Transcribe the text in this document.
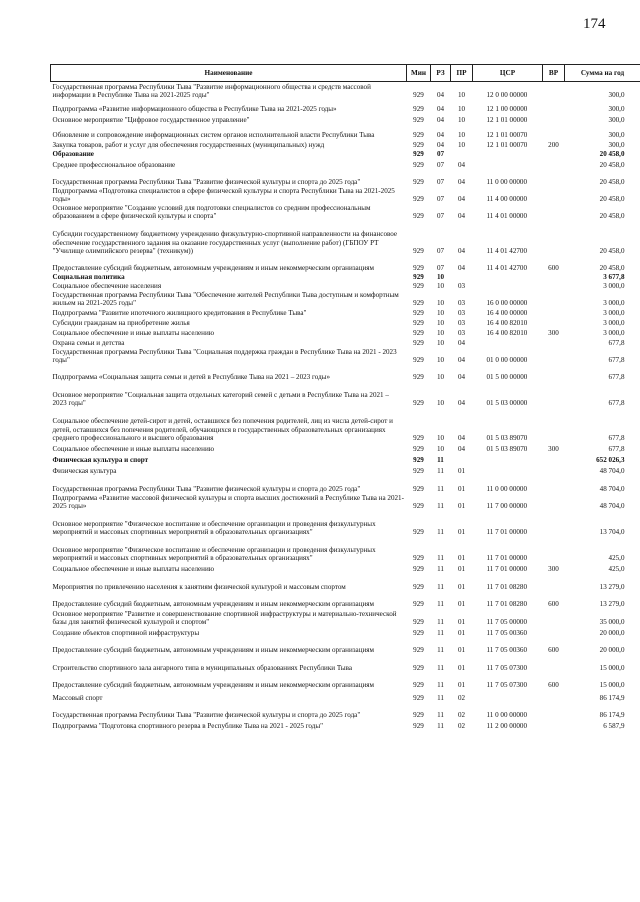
174
Наименование	Мин	РЗ	ПР	ЦСР	ВР	Сумма на год
Государственная программа Республики Тыва "Развитие информационного общества и средств массовой информации в Республике Тыва на 2021-2025 годы"	929	04	10	12 0 00 00000		300,0
Подпрограмма «Развитие информационного общества в Республике Тыва на 2021-2025 годы»	929	04	10	12 1 00 00000		300,0
Основное мероприятие "Цифровое государственное управление"	929	04	10	12 1 01 00000		300,0
Обновление и сопровождение информационных систем органов исполнительной власти Республики Тыва	929	04	10	12 1 01 00070		300,0
Закупка товаров, работ и услуг для обеспечения государственных (муниципальных) нужд	929	04	10	12 1 01 00070	200	300,0
Образование	929	07				20 458,0
Среднее профессиональное образование	929	07	04			20 458,0
Государственная программа Республики Тыва "Развитие физической культуры и спорта до 2025 года"	929	07	04	11 0 00 00000		20 458,0
Подпрограмма «Подготовка специалистов в сфере физической культуры и спорта Республики Тыва на 2021-2025 годы»	929	07	04	11 4 00 00000		20 458,0
Основное мероприятие "Создание условий для подготовки специалистов со средним профессиональным образованием в сфере физической культуры и спорта"	929	07	04	11 4 01 00000		20 458,0
Субсидии государственному бюджетному учреждению физкультурно-спортивной направленности на финансовое обеспечение государственного задания на оказание государственных услуг (выполнение работ) (ГБПОУ РТ "Училище олимпийского резерва" (техникум))	929	07	04	11 4 01 42700		20 458,0
Предоставление субсидий бюджетным, автономным учреждениям и иным некоммерческим организациям	929	07	04	11 4 01 42700	600	20 458,0
Социальная политика	929	10				3 677,8
Социальное обеспечение населения	929	10	03			3 000,0
Государственная программа Республики Тыва "Обеспечение жителей Республики Тыва доступным и комфортным жильем на 2021-2025 годы"	929	10	03	16 0 00 00000		3 000,0
Подпрограмма "Развитие ипотечного жилищного кредитования в Республике Тыва"	929	10	03	16 4 00 00000		3 000,0
Субсидии гражданам на приобретение жилья	929	10	03	16 4 00 82010		3 000,0
Социальное обеспечение и иные выплаты населению	929	10	03	16 4 00 82010	300	3 000,0
Охрана семьи и детства	929	10	04			677,8
Государственная программа Республики Тыва "Социальная поддержка граждан в Республике Тыва на 2021 - 2023 годы"	929	10	04	01 0 00 00000		677,8
Подпрограмма «Социальная защита семьи и детей в Республике Тыва на 2021 – 2023 годы»	929	10	04	01 5 00 00000		677,8
Основное мероприятие "Социальная защита отдельных категорий семей с детьми в Республике Тыва на 2021 – 2023 годы"	929	10	04	01 5 03 00000		677,8
Социальное обеспечение детей-сирот и детей, оставшихся без попечения родителей, лиц из числа детей-сирот и детей, оставшихся без попечения родителей, обучающихся в государственных образовательных организациях среднего профессионального и высшего образования	929	10	04	01 5 03 89070		677,8
Социальное обеспечение и иные выплаты населению	929	10	04	01 5 03 89070	300	677,8
Физическая культура и спорт	929	11				652 026,3
Физическая культура	929	11	01			48 704,0
Государственная программа Республики Тыва "Развитие физической культуры и спорта до 2025 года"	929	11	01	11 0 00 00000		48 704,0
Подпрограмма «Развитие массовой физической культуры и спорта высших достижений в Республике Тыва на 2021-2025 годы»	929	11	01	11 7 00 00000		48 704,0
Основное мероприятие "Физическое воспитание и обеспечение организации и проведения физкультурных мероприятий и массовых спортивных мероприятий в образовательных организациях"	929	11	01	11 7 01 00000		13 704,0
Основное мероприятие "Физическое воспитание и обеспечение организации и проведения физкультурных мероприятий и массовых спортивных мероприятий в образовательных организациях"	929	11	01	11 7 01 00000		425,0
Социальное обеспечение и иные выплаты населению	929	11	01	11 7 01 00000	300	425,0
Мероприятия по привлечению населения к занятиям физической культурой и массовым спортом	929	11	01	11 7 01 08280		13 279,0
Предоставление субсидий бюджетным, автономным учреждениям и иным некоммерческим организациям	929	11	01	11 7 01 08280	600	13 279,0
Основное мероприятие "Развитие и совершенствование спортивной инфраструктуры и материально-технической базы для занятий физической культурой и спортом"	929	11	01	11 7 05 00000		35 000,0
Создание объектов спортивной инфраструктуры	929	11	01	11 7 05 00360		20 000,0
Предоставление субсидий бюджетным, автономным учреждениям и иным некоммерческим организациям	929	11	01	11 7 05 00360	600	20 000,0
Строительство спортивного зала ангарного типа в муниципальных образованиях Республики Тыва	929	11	01	11 7 05 07300		15 000,0
Предоставление субсидий бюджетным, автономным учреждениям и иным некоммерческим организациям	929	11	01	11 7 05 07300	600	15 000,0
Массовый спорт	929	11	02			86 174,9
Государственная программа Республики Тыва "Развитие физической культуры и спорта до 2025 года"	929	11	02	11 0 00 00000		86 174,9
Подпрограмма "Подготовка спортивного резерва в Республике Тыва на 2021 - 2025 годы"	929	11	02	11 2 00 00000		6 587,9
